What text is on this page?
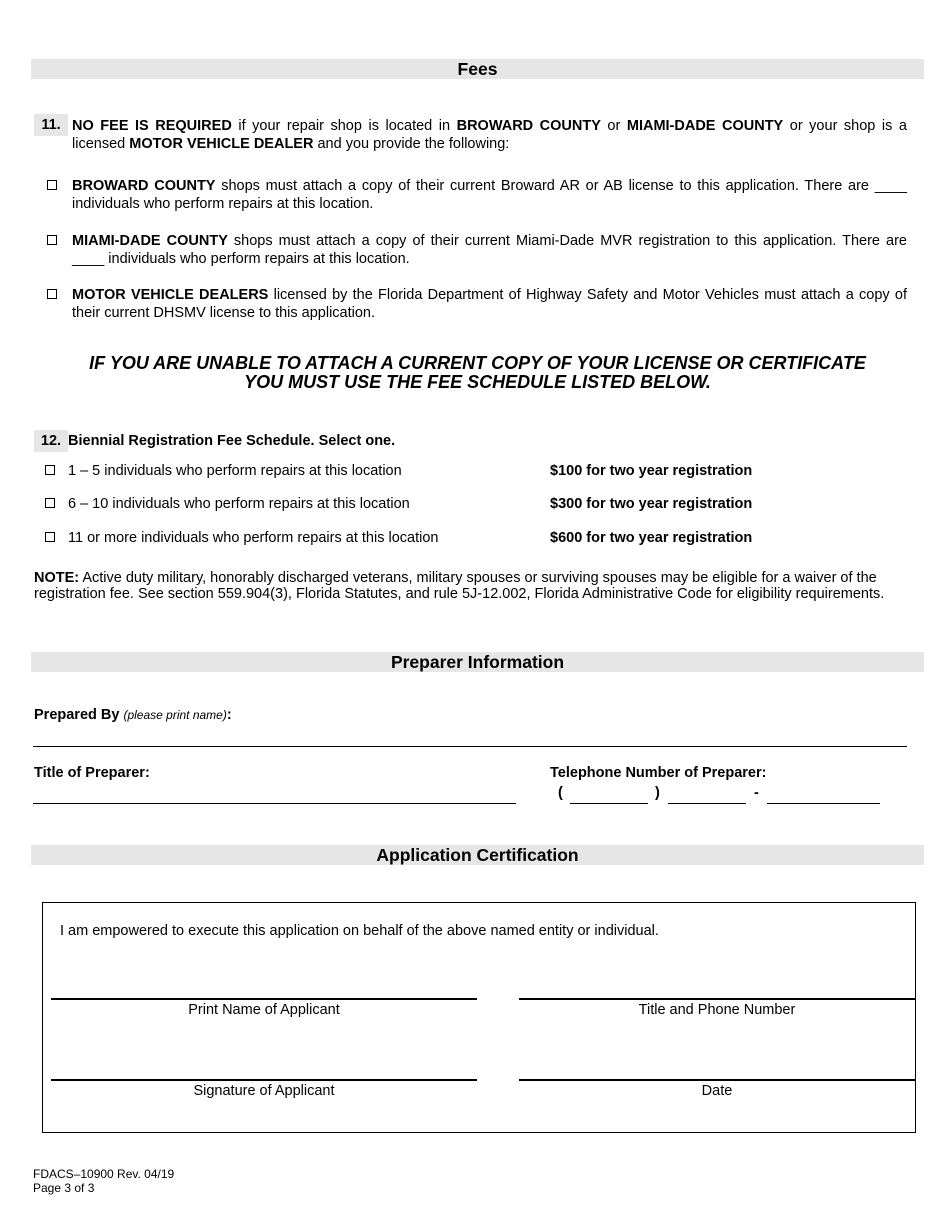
Fees
11. NO FEE IS REQUIRED if your repair shop is located in BROWARD COUNTY or MIAMI-DADE COUNTY or your shop is a licensed MOTOR VEHICLE DEALER and you provide the following:
BROWARD COUNTY shops must attach a copy of their current Broward AR or AB license to this application. There are ____ individuals who perform repairs at this location.
MIAMI-DADE COUNTY shops must attach a copy of their current Miami-Dade MVR registration to this application. There are ____ individuals who perform repairs at this location.
MOTOR VEHICLE DEALERS licensed by the Florida Department of Highway Safety and Motor Vehicles must attach a copy of their current DHSMV license to this application.
IF YOU ARE UNABLE TO ATTACH A CURRENT COPY OF YOUR LICENSE OR CERTIFICATE
YOU MUST USE THE FEE SCHEDULE LISTED BELOW.
12. Biennial Registration Fee Schedule. Select one.
1 – 5 individuals who perform repairs at this location	$100 for two year registration
6 – 10 individuals who perform repairs at this location	$300 for two year registration
11 or more individuals who perform repairs at this location	$600 for two year registration
NOTE: Active duty military, honorably discharged veterans, military spouses or surviving spouses may be eligible for a waiver of the registration fee. See section 559.904(3), Florida Statutes, and rule 5J-12.002, Florida Administrative Code for eligibility requirements.
Preparer Information
Prepared By (please print name):
Title of Preparer:	Telephone Number of Preparer:
(	)	-
Application Certification
I am empowered to execute this application on behalf of the above named entity or individual.
Print Name of Applicant	Title and Phone Number
Signature of Applicant	Date
FDACS–10900 Rev. 04/19
Page 3 of 3
